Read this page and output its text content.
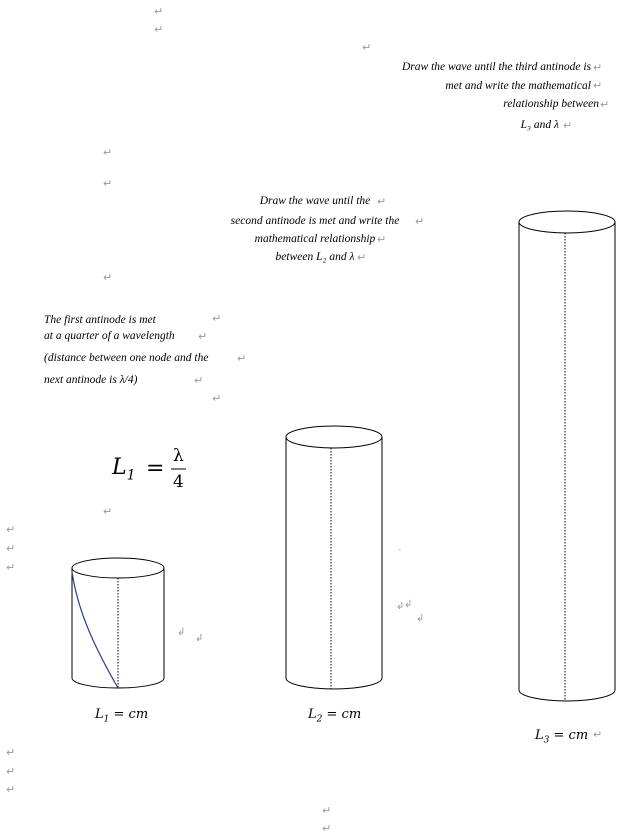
Draw the wave until the third antinode is
met and write the mathematical
relationship between
L₃ and λ
Draw the wave until the
second antinode is met and write the
mathematical relationship
between L₂ and λ
The first antinode is met
at a quarter of a wavelength
(distance between one node and the
next antinode is λ/4)
$L_1 = \lambda$
4
$L_1$ = cm	$L_2$ = cm
$L_3$ = cm
↵
↵
↵
↵
↵
↵
↵
↵
↵
↵
↵
↵
↵
↵
↵
↵
↵
↵
↵
↵
↵
↵
↵
↵
↵
↵
↵
↵
↵
↲
↲
↲ ↲
↲
-
